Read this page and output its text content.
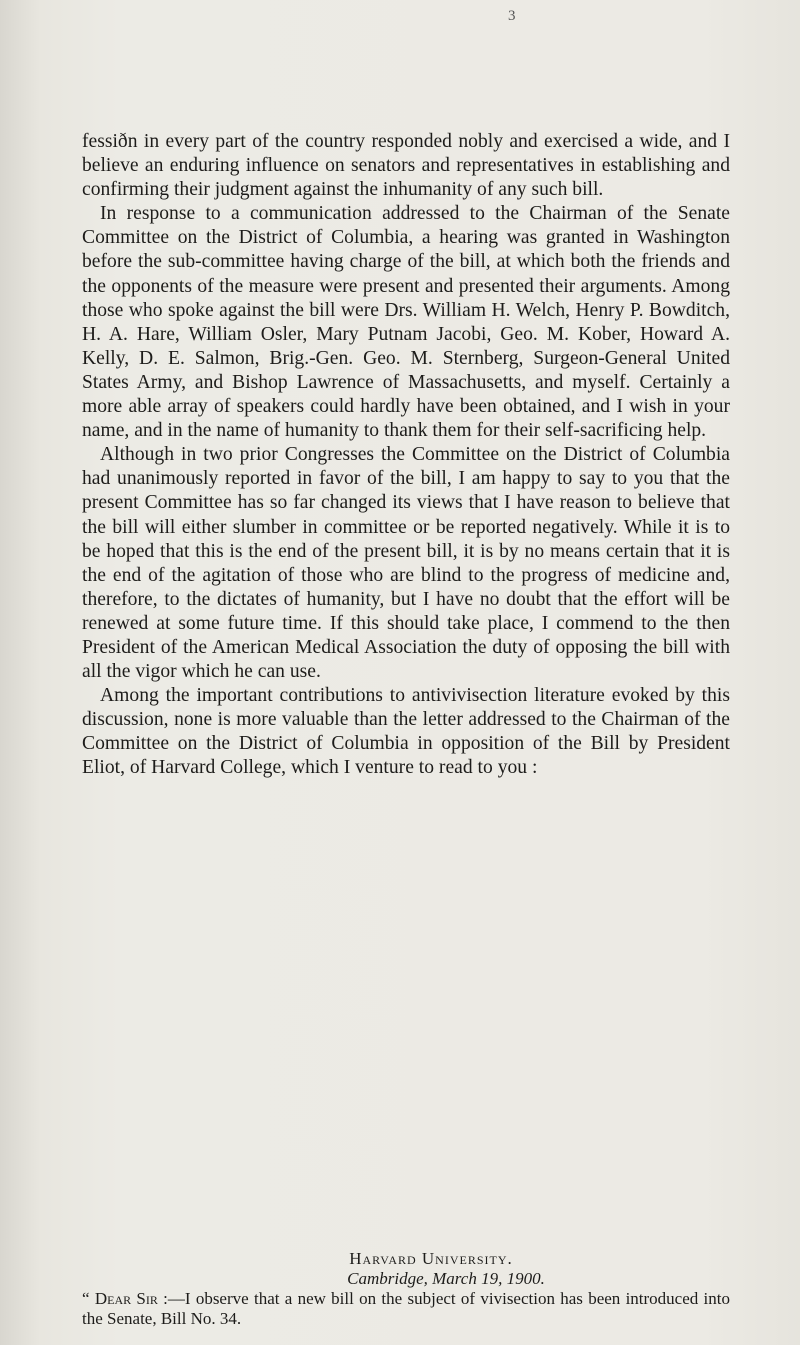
3

fessiðn in every part of the country responded nobly and exercised a wide, and I believe an enduring influence on senators and representatives in establishing and confirming their judgment against the inhumanity of any such bill.

In response to a communication addressed to the Chairman of the Senate Committee on the District of Columbia, a hearing was granted in Washington before the sub-committee having charge of the bill, at which both the friends and the opponents of the measure were present and presented their arguments. Among those who spoke against the bill were Drs. William H. Welch, Henry P. Bowditch, H. A. Hare, William Osler, Mary Putnam Jacobi, Geo. M. Kober, Howard A. Kelly, D. E. Salmon, Brig.-Gen. Geo. M. Sternberg, Surgeon-General United States Army, and Bishop Lawrence of Massachusetts, and myself. Certainly a more able array of speakers could hardly have been obtained, and I wish in your name, and in the name of humanity to thank them for their self-sacrificing help.

Although in two prior Congresses the Committee on the District of Columbia had unanimously reported in favor of the bill, I am happy to say to you that the present Committee has so far changed its views that I have reason to believe that the bill will either slumber in committee or be reported negatively. While it is to be hoped that this is the end of the present bill, it is by no means certain that it is the end of the agitation of those who are blind to the progress of medicine and, therefore, to the dictates of humanity, but I have no doubt that the effort will be renewed at some future time. If this should take place, I commend to the then President of the American Medical Association the duty of opposing the bill with all the vigor which he can use.

Among the important contributions to antivivisection literature evoked by this discussion, none is more valuable than the letter addressed to the Chairman of the Committee on the District of Columbia in opposition of the Bill by President Eliot, of Harvard College, which I venture to read to you :

Harvard University.
Cambridge, March 19, 1900.
“ Dear Sir :—I observe that a new bill on the subject of vivisection has been introduced into the Senate, Bill No. 34.
